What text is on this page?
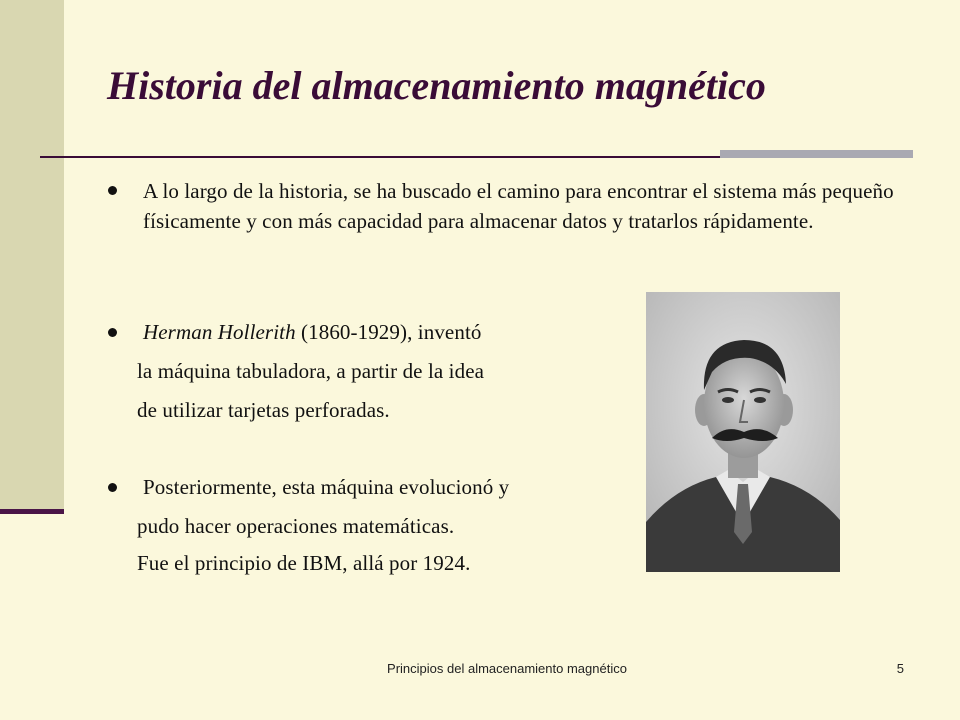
Historia del almacenamiento magnético
A lo largo de la historia, se ha buscado el camino para encontrar el sistema más pequeño físicamente y con más capacidad para almacenar datos y tratarlos rápidamente.
Herman Hollerith (1860-1929), inventó
la máquina tabuladora, a partir de la idea
de utilizar tarjetas perforadas.
Posteriormente, esta máquina evolucionó y
pudo hacer operaciones matemáticas.
Fue el principio de IBM, allá por 1924.
Principios del almacenamiento magnético	5
